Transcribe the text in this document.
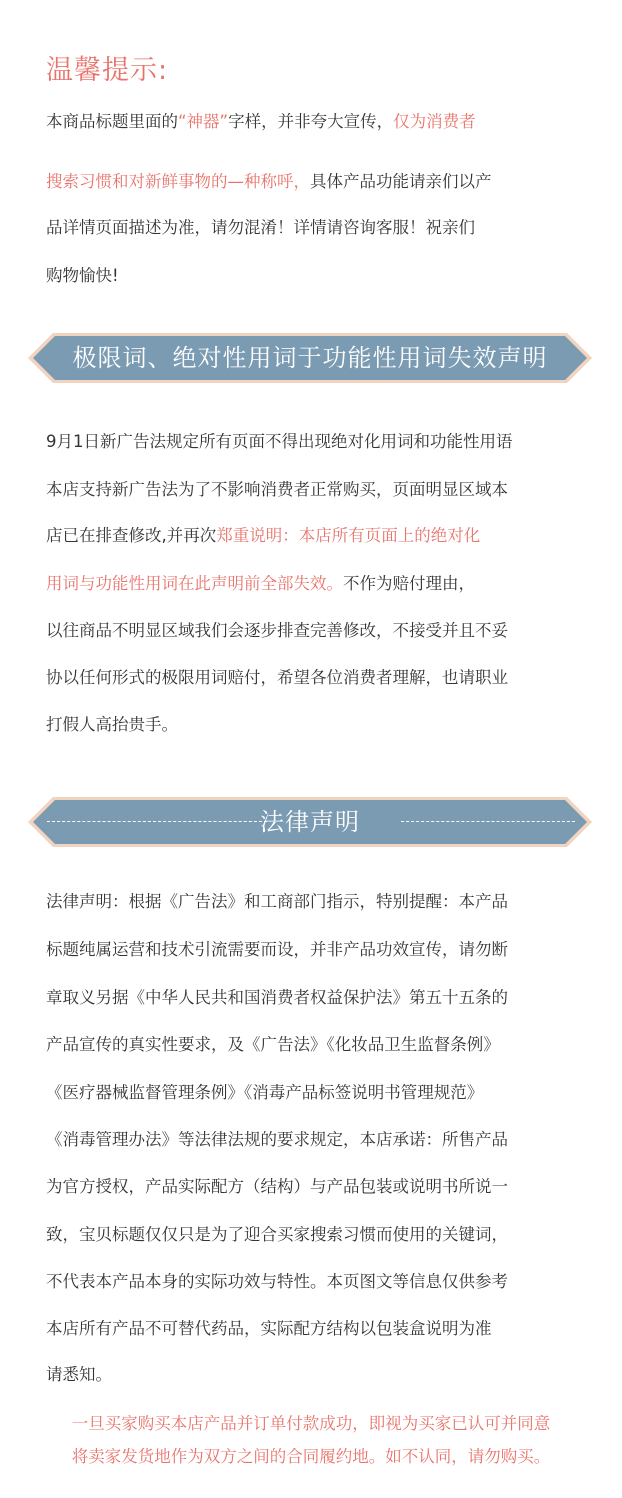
温馨提示:
本商品标题里面的“神器”字样，并非夸大宣传，仅为消费者
搜索习惯和对新鲜事物的—种称呼，具体产品功能请亲们以产
品详情页面描述为准，请勿混淆！详情请咨询客服！祝亲们
购物愉快!
极限词、绝对性用词于功能性用词失效声明
9月1日新广告法规定所有页面不得出现绝对化用词和功能性用语
本店支持新广告法为了不影响消费者正常购买，页面明显区域本
店已在排查修改,并再次郑重说明：本店所有页面上的绝对化
用词与功能性用词在此声明前全部失效。不作为赔付理由，
以往商品不明显区域我们会逐步排查完善修改，不接受并且不妥
协以任何形式的极限用词赔付，希望各位消费者理解，也请职业
打假人高抬贵手。
法律声明
法律声明：根据《广告法》和工商部门指示，特别提醒：本产品
标题纯属运营和技术引流需要而设，并非产品功效宣传，请勿断
章取义另据《中华人民共和国消费者权益保护法》第五十五条的
产品宣传的真实性要求，及《广告法》《化妆品卫生监督条例》
《医疗器械监督管理条例》《消毒产品标签说明书管理规范》
《消毒管理办法》等法律法规的要求规定，本店承诺：所售产品
为官方授权，产品实际配方（结构）与产品包装或说明书所说一
致，宝贝标题仅仅只是为了迎合买家搜索习惯而使用的关键词，
不代表本产品本身的实际功效与特性。本页图文等信息仅供参考
本店所有产品不可替代药品，实际配方结构以包装盒说明为准
请悉知。
一旦买家购买本店产品并订单付款成功，即视为买家已认可并同意
将卖家发货地作为双方之间的合同履约地。如不认同，请勿购买。
